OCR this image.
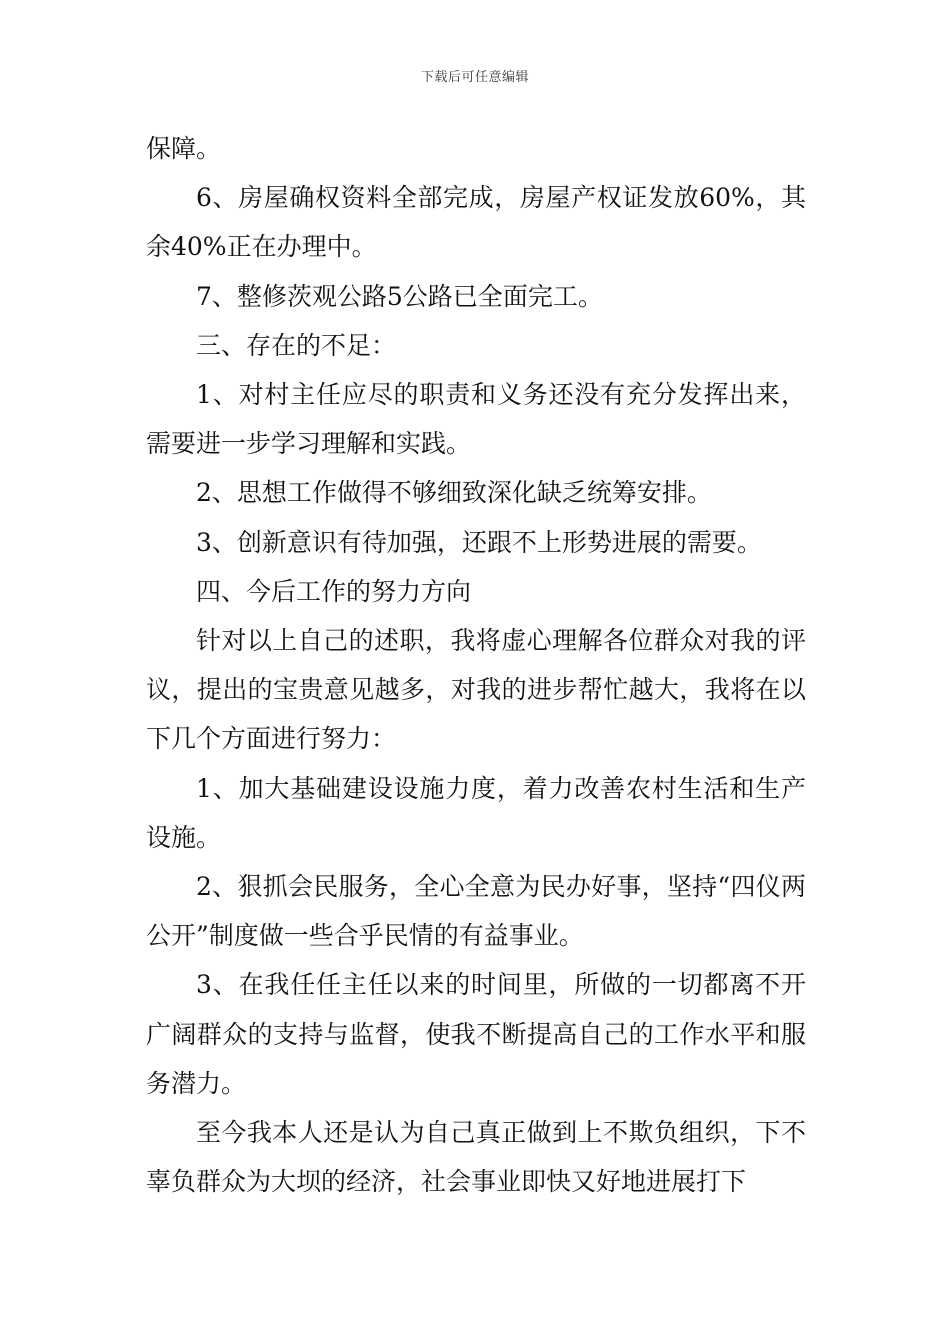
下载后可任意编辑

保障。

6、房屋确权资料全部完成，房屋产权证发放60%，其余40%正在办理中。

7、整修茨观公路5公路已全面完工。

三、存在的不足：

1、对村主任应尽的职责和义务还没有充分发挥出来，需要进一步学习理解和实践。

2、思想工作做得不够细致深化缺乏统筹安排。

3、创新意识有待加强，还跟不上形势进展的需要。

四、今后工作的努力方向

针对以上自己的述职，我将虚心理解各位群众对我的评议，提出的宝贵意见越多，对我的进步帮忙越大，我将在以下几个方面进行努力：

1、加大基础建设设施力度，着力改善农村生活和生产设施。

2、狠抓会民服务，全心全意为民办好事，坚持“四仪两公开”制度做一些合乎民情的有益事业。

3、在我任任主任以来的时间里，所做的一切都离不开广阔群众的支持与监督，使我不断提高自己的工作水平和服务潜力。

至今我本人还是认为自己真正做到上不欺负组织，下不辜负群众为大坝的经济，社会事业即快又好地进展打下
